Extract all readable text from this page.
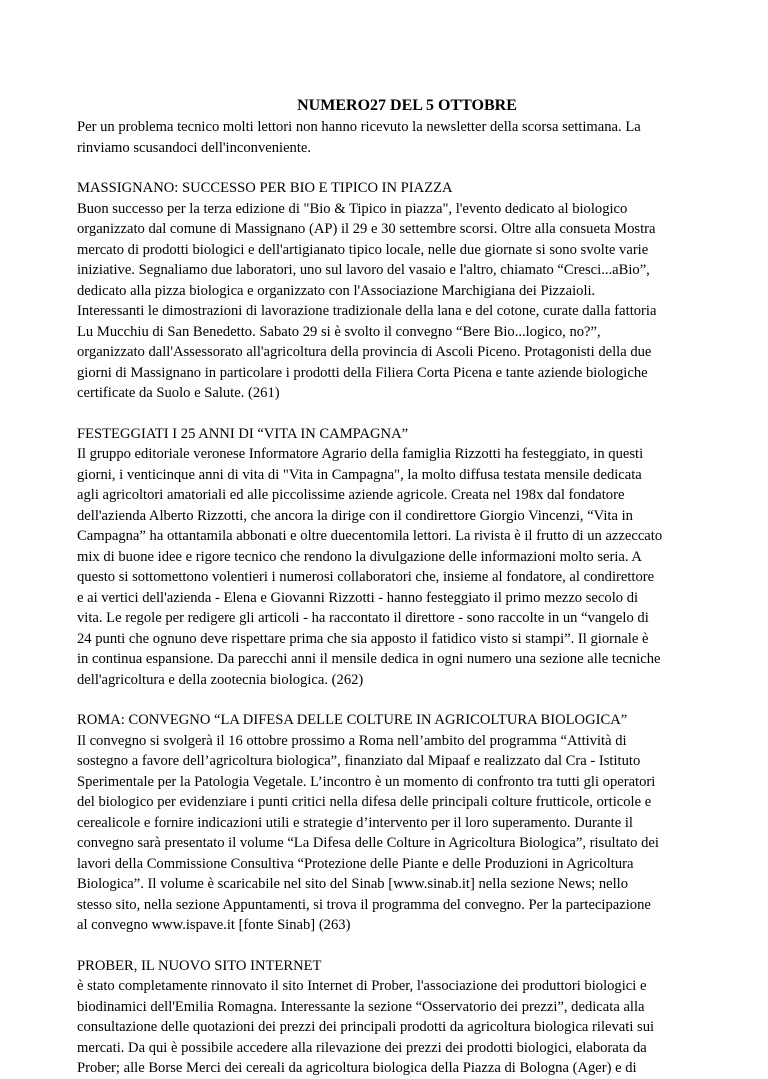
NUMERO27 DEL 5 OTTOBRE

Per un problema tecnico molti lettori non hanno ricevuto la newsletter della scorsa settimana. La
rinviamo scusandoci dell'inconveniente.

MASSIGNANO: SUCCESSO PER BIO E TIPICO IN PIAZZA

Buon successo per la terza edizione di "Bio & Tipico in piazza", l'evento dedicato al biologico
organizzato dal comune di Massignano (AP) il 29 e 30 settembre scorsi. Oltre alla consueta Mostra
mercato di prodotti biologici e dell'artigianato tipico locale, nelle due giornate si sono svolte varie
iniziative. Segnaliamo due laboratori, uno sul lavoro del vasaio e l'altro, chiamato “Cresci...aBio”,
dedicato alla pizza biologica e organizzato con l'Associazione Marchigiana dei Pizzaioli.
Interessanti le dimostrazioni di lavorazione tradizionale della lana e del cotone, curate dalla fattoria
Lu Mucchiu di San Benedetto. Sabato 29 si è svolto il convegno “Bere Bio...logico, no?”,
organizzato dall'Assessorato all'agricoltura della provincia di Ascoli Piceno. Protagonisti della due
giorni di Massignano in particolare i prodotti della Filiera Corta Picena e tante aziende biologiche
certificate da Suolo e Salute. (261)

FESTEGGIATI I 25 ANNI DI “VITA IN CAMPAGNA”

Il gruppo editoriale veronese Informatore Agrario della famiglia Rizzotti ha festeggiato, in questi
giorni, i venticinque anni di vita di "Vita in Campagna", la molto diffusa testata mensile dedicata
agli agricoltori amatoriali ed alle piccolissime aziende agricole. Creata nel 198x dal fondatore
dell'azienda Alberto Rizzotti, che ancora la dirige con il condirettore Giorgio Vincenzi, “Vita in
Campagna” ha ottantamila abbonati e oltre duecentomila lettori. La rivista è il frutto di un azzeccato
mix di buone idee e rigore tecnico che rendono la divulgazione delle informazioni molto seria. A
questo si sottomettono volentieri i numerosi collaboratori che, insieme al fondatore, al condirettore
e ai vertici dell'azienda - Elena e Giovanni Rizzotti - hanno festeggiato il primo mezzo secolo di
vita. Le regole per redigere gli articoli - ha raccontato il direttore - sono raccolte in un “vangelo di
24 punti che ognuno deve rispettare prima che sia apposto il fatidico visto si stampi”. Il giornale è
in continua espansione. Da parecchi anni il mensile dedica in ogni numero una sezione alle tecniche
dell'agricoltura e della zootecnia biologica. (262)

ROMA: CONVEGNO “LA DIFESA DELLE COLTURE IN AGRICOLTURA BIOLOGICA”

Il convegno si svolgerà il 16 ottobre prossimo a Roma nell’ambito del programma “Attività di
sostegno a favore dell’agricoltura biologica”, finanziato dal Mipaaf e realizzato dal Cra - Istituto
Sperimentale per la Patologia Vegetale. L’incontro è un momento di confronto tra tutti gli operatori
del biologico per evidenziare i punti critici nella difesa delle principali colture frutticole, orticole e
cerealicole e fornire indicazioni utili e strategie d’intervento per il loro superamento. Durante il
convegno sarà presentato il volume “La Difesa delle Colture in Agricoltura Biologica”, risultato dei
lavori della Commissione Consultiva “Protezione delle Piante e delle Produzioni in Agricoltura
Biologica”. Il volume è scaricabile nel sito del Sinab [www.sinab.it] nella sezione News; nello
stesso sito, nella sezione Appuntamenti, si trova il programma del convegno. Per la partecipazione
al convegno www.ispave.it [fonte Sinab] (263)

PROBER, IL NUOVO SITO INTERNET

è stato completamente rinnovato il sito Internet di Prober, l'associazione dei produttori biologici e
biodinamici dell'Emilia Romagna. Interessante la sezione “Osservatorio dei prezzi”, dedicata alla
consultazione delle quotazioni dei prezzi dei principali prodotti da agricoltura biologica rilevati sui
mercati. Da qui è possibile accedere alla rilevazione dei prezzi dei prodotti biologici, elaborata da
Prober; alle Borse Merci dei cereali da agricoltura biologica della Piazza di Bologna (Ager) e di
